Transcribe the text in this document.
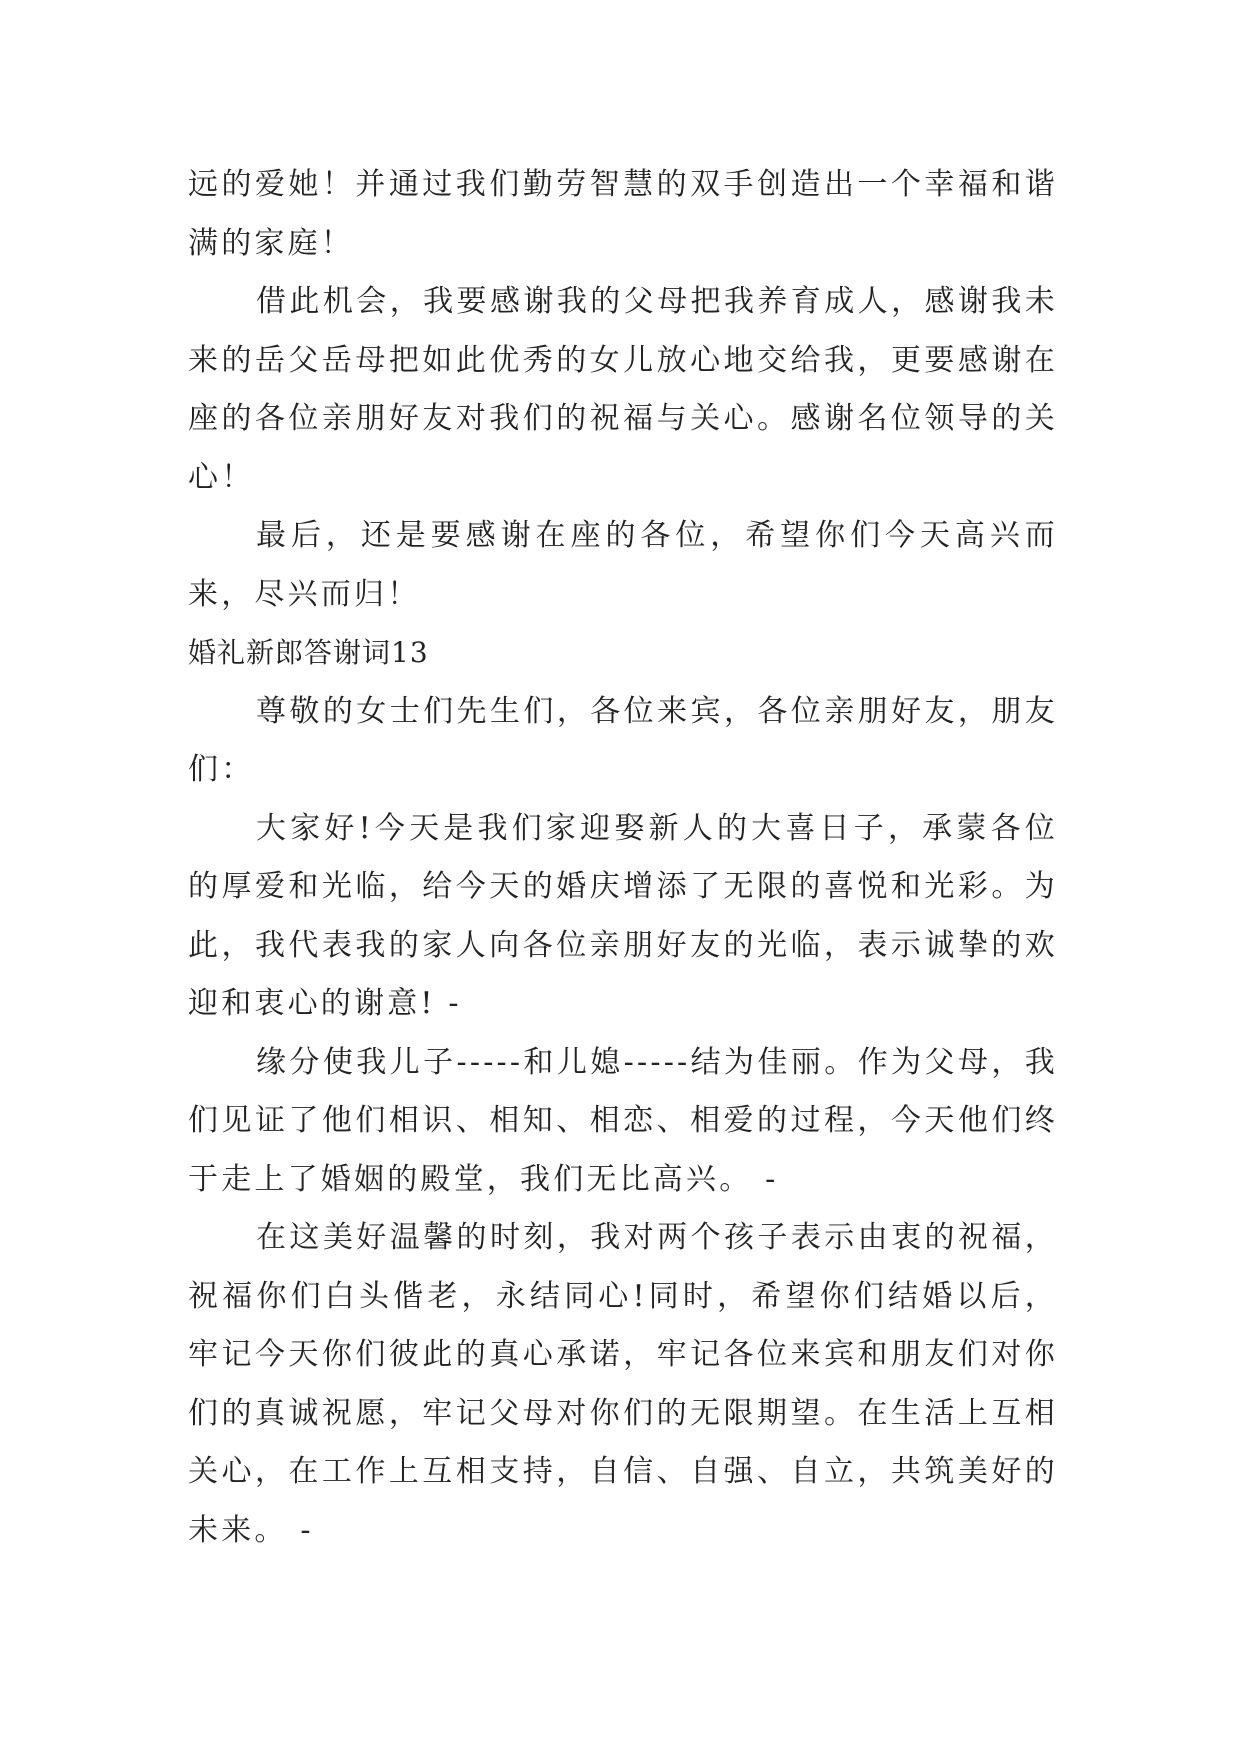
远的爱她！并通过我们勤劳智慧的双手创造出一个幸福和谐满的家庭！

借此机会，我要感谢我的父母把我养育成人，感谢我未来的岳父岳母把如此优秀的女儿放心地交给我，更要感谢在座的各位亲朋好友对我们的祝福与关心。感谢名位领导的关心！

最后，还是要感谢在座的各位，希望你们今天高兴而来，尽兴而归！

婚礼新郎答谢词13

尊敬的女士们先生们，各位来宾，各位亲朋好友，朋友们：

大家好!今天是我们家迎娶新人的大喜日子，承蒙各位的厚爱和光临，给今天的婚庆增添了无限的喜悦和光彩。为此，我代表我的家人向各位亲朋好友的光临，表示诚挚的欢迎和衷心的谢意! -

缘分使我儿子-----和儿媳-----结为佳丽。作为父母，我们见证了他们相识、相知、相恋、相爱的过程，今天他们终于走上了婚姻的殿堂，我们无比高兴。 -

在这美好温馨的时刻，我对两个孩子表示由衷的祝福，祝福你们白头偕老，永结同心!同时，希望你们结婚以后，牢记今天你们彼此的真心承诺，牢记各位来宾和朋友们对你们的真诚祝愿，牢记父母对你们的无限期望。在生活上互相关心，在工作上互相支持，自信、自强、自立，共筑美好的未来。 -
